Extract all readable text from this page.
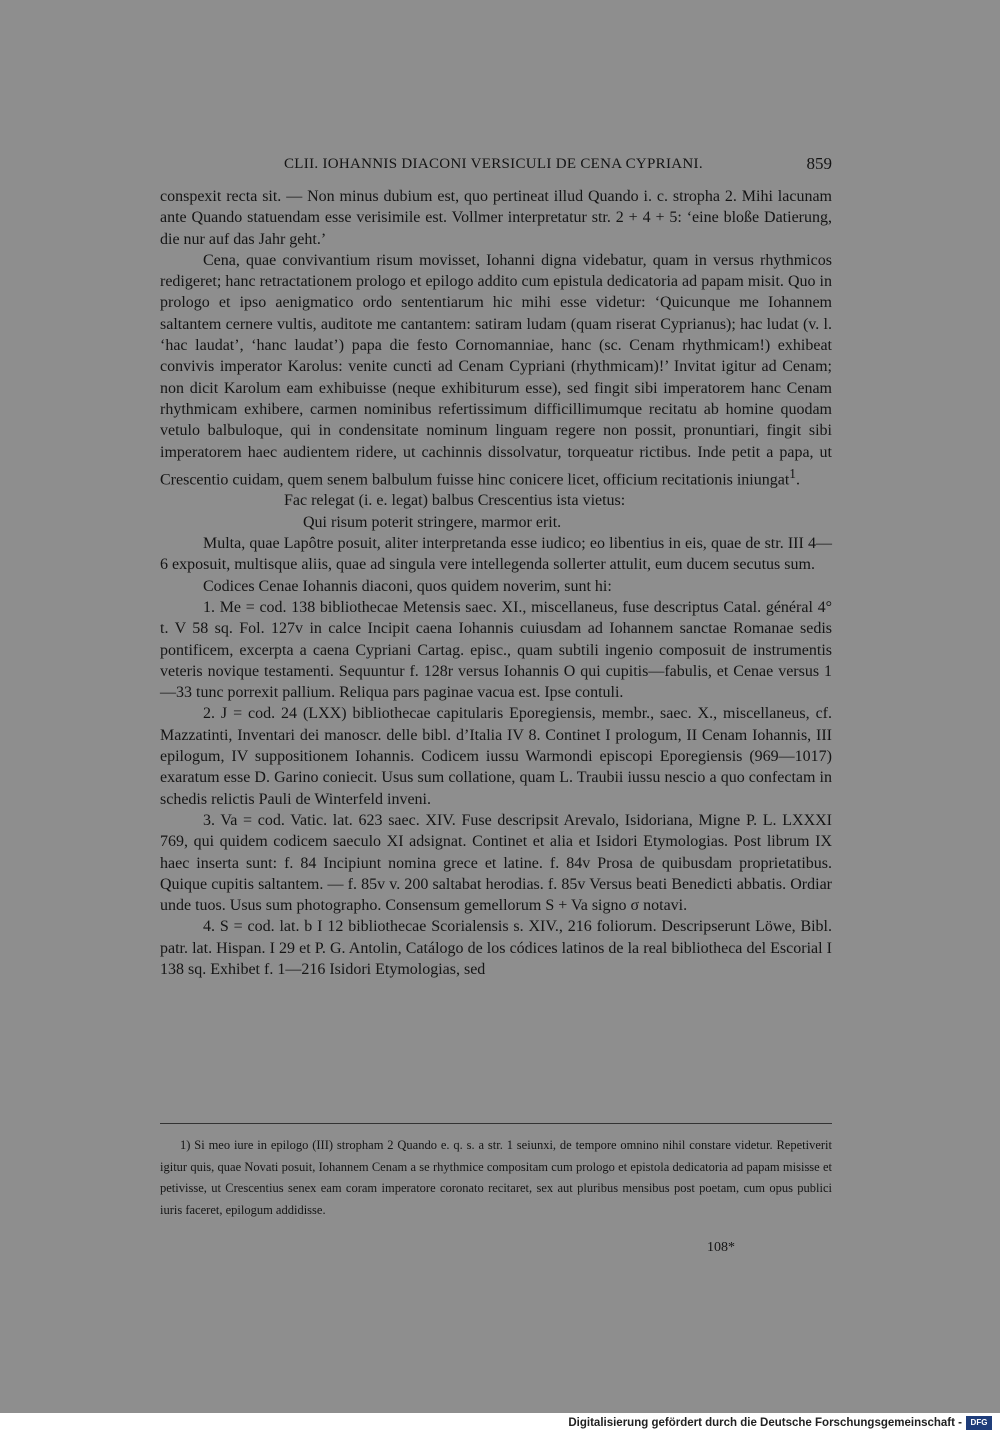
CLII. IOHANNIS DIACONI VERSICULI DE CENA CYPRIANI.	859

conspexit recta sit. — Non minus dubium est, quo pertineat illud Quando i. c. stropha 2. Mihi lacunam ante Quando statuendam esse verisimile est. Vollmer interpretatur str. 2 + 4 + 5: ‘eine bloße Datierung, die nur auf das Jahr geht.’

Cena, quae convivantium risum movisset, Iohanni digna videbatur, quam in versus rhythmicos redigeret; hanc retractationem prologo et epilogo addito cum epistula dedicatoria ad papam misit. Quo in prologo et ipso aenigmatico ordo sententiarum hic mihi esse videtur: ‘Quicunque me Iohannem saltantem cernere vultis, auditote me cantantem: satiram ludam (quam riserat Cyprianus); hac ludat (v. l. ‘hac laudat’, ‘hanc laudat’) papa die festo Cornomanniae, hanc (sc. Cenam rhythmicam!) exhibeat convivis imperator Karolus: venite cuncti ad Cenam Cypriani (rhythmicam)!’ Invitat igitur ad Cenam; non dicit Karolum eam exhibuisse (neque exhibiturum esse), sed fingit sibi imperatorem hanc Cenam rhythmicam exhibere, carmen nominibus refertissimum difficillimumque recitatu ab homine quodam vetulo balbuloque, qui in condensitate nominum linguam regere non possit, pronuntiari, fingit sibi imperatorem haec audientem ridere, ut cachinnis dissolvatur, torqueatur rictibus. Inde petit a papa, ut Crescentio cuidam, quem senem balbulum fuisse hinc conicere licet, officium recitationis iniungat$^1$.

Fac relegat (i. e. legat) balbus Crescentius ista vietus:

Qui risum poterit stringere, marmor erit.

Multa, quae Lapôtre posuit, aliter interpretanda esse iudico; eo libentius in eis, quae de str. III 4—6 exposuit, multisque aliis, quae ad singula vere intellegenda sollerter attulit, eum ducem secutus sum.

Codices Cenae Iohannis diaconi, quos quidem noverim, sunt hi:

1. Me = cod. 138 bibliothecae Metensis saec. XI., miscellaneus, fuse descriptus Catal. général 4° t. V 58 sq. Fol. 127v in calce Incipit caena Iohannis cuiusdam ad Iohannem sanctae Romanae sedis pontificem, excerpta a caena Cypriani Cartag. episc., quam subtili ingenio composuit de instrumentis veteris novique testamenti. Sequuntur f. 128r versus Iohannis O qui cupitis—fabulis, et Cenae versus 1—33 tunc porrexit pallium. Reliqua pars paginae vacua est. Ipse contuli.

2. J = cod. 24 (LXX) bibliothecae capitularis Eporegiensis, membr., saec. X., miscellaneus, cf. Mazzatinti, Inventari dei manoscr. delle bibl. d’Italia IV 8. Continet I prologum, II Cenam Iohannis, III epilogum, IV suppositionem Iohannis. Codicem iussu Warmondi episcopi Eporegiensis (969—1017) exaratum esse D. Garino coniecit. Usus sum collatione, quam L. Traubii iussu nescio a quo confectam in schedis relictis Pauli de Winterfeld inveni.

3. Va = cod. Vatic. lat. 623 saec. XIV. Fuse descripsit Arevalo, Isidoriana, Migne P. L. LXXXI 769, qui quidem codicem saeculo XI adsignat. Continet et alia et Isidori Etymologias. Post librum IX haec inserta sunt: f. 84 Incipiunt nomina grece et latine. f. 84v Prosa de quibusdam proprietatibus. Quique cupitis saltantem. — f. 85v v. 200 saltabat herodias. f. 85v Versus beati Benedicti abbatis. Ordiar unde tuos. Usus sum photographo. Consensum gemellorum S + Va signo σ notavi.

4. S = cod. lat. b I 12 bibliothecae Scorialensis s. XIV., 216 foliorum. Descripserunt Löwe, Bibl. patr. lat. Hispan. I 29 et P. G. Antolin, Catálogo de los códices latinos de la real bibliotheca del Escorial I 138 sq. Exhibet f. 1—216 Isidori Etymologias, sed

1) Si meo iure in epilogo (III) stropham 2 Quando e. q. s. a str. 1 seiunxi, de tempore omnino nihil constare videtur. Repetiverit igitur quis, quae Novati posuit, Iohannem Cenam a se rhythmice compositam cum prologo et epistola dedicatoria ad papam misisse et petivisse, ut Crescentius senex eam coram imperatore coronato recitaret, sex aut pluribus mensibus post poetam, cum opus publici iuris faceret, epilogum addidisse.

108*
Digitalisierung gefördert durch die Deutsche Forschungsgemeinschaft -	DFG
